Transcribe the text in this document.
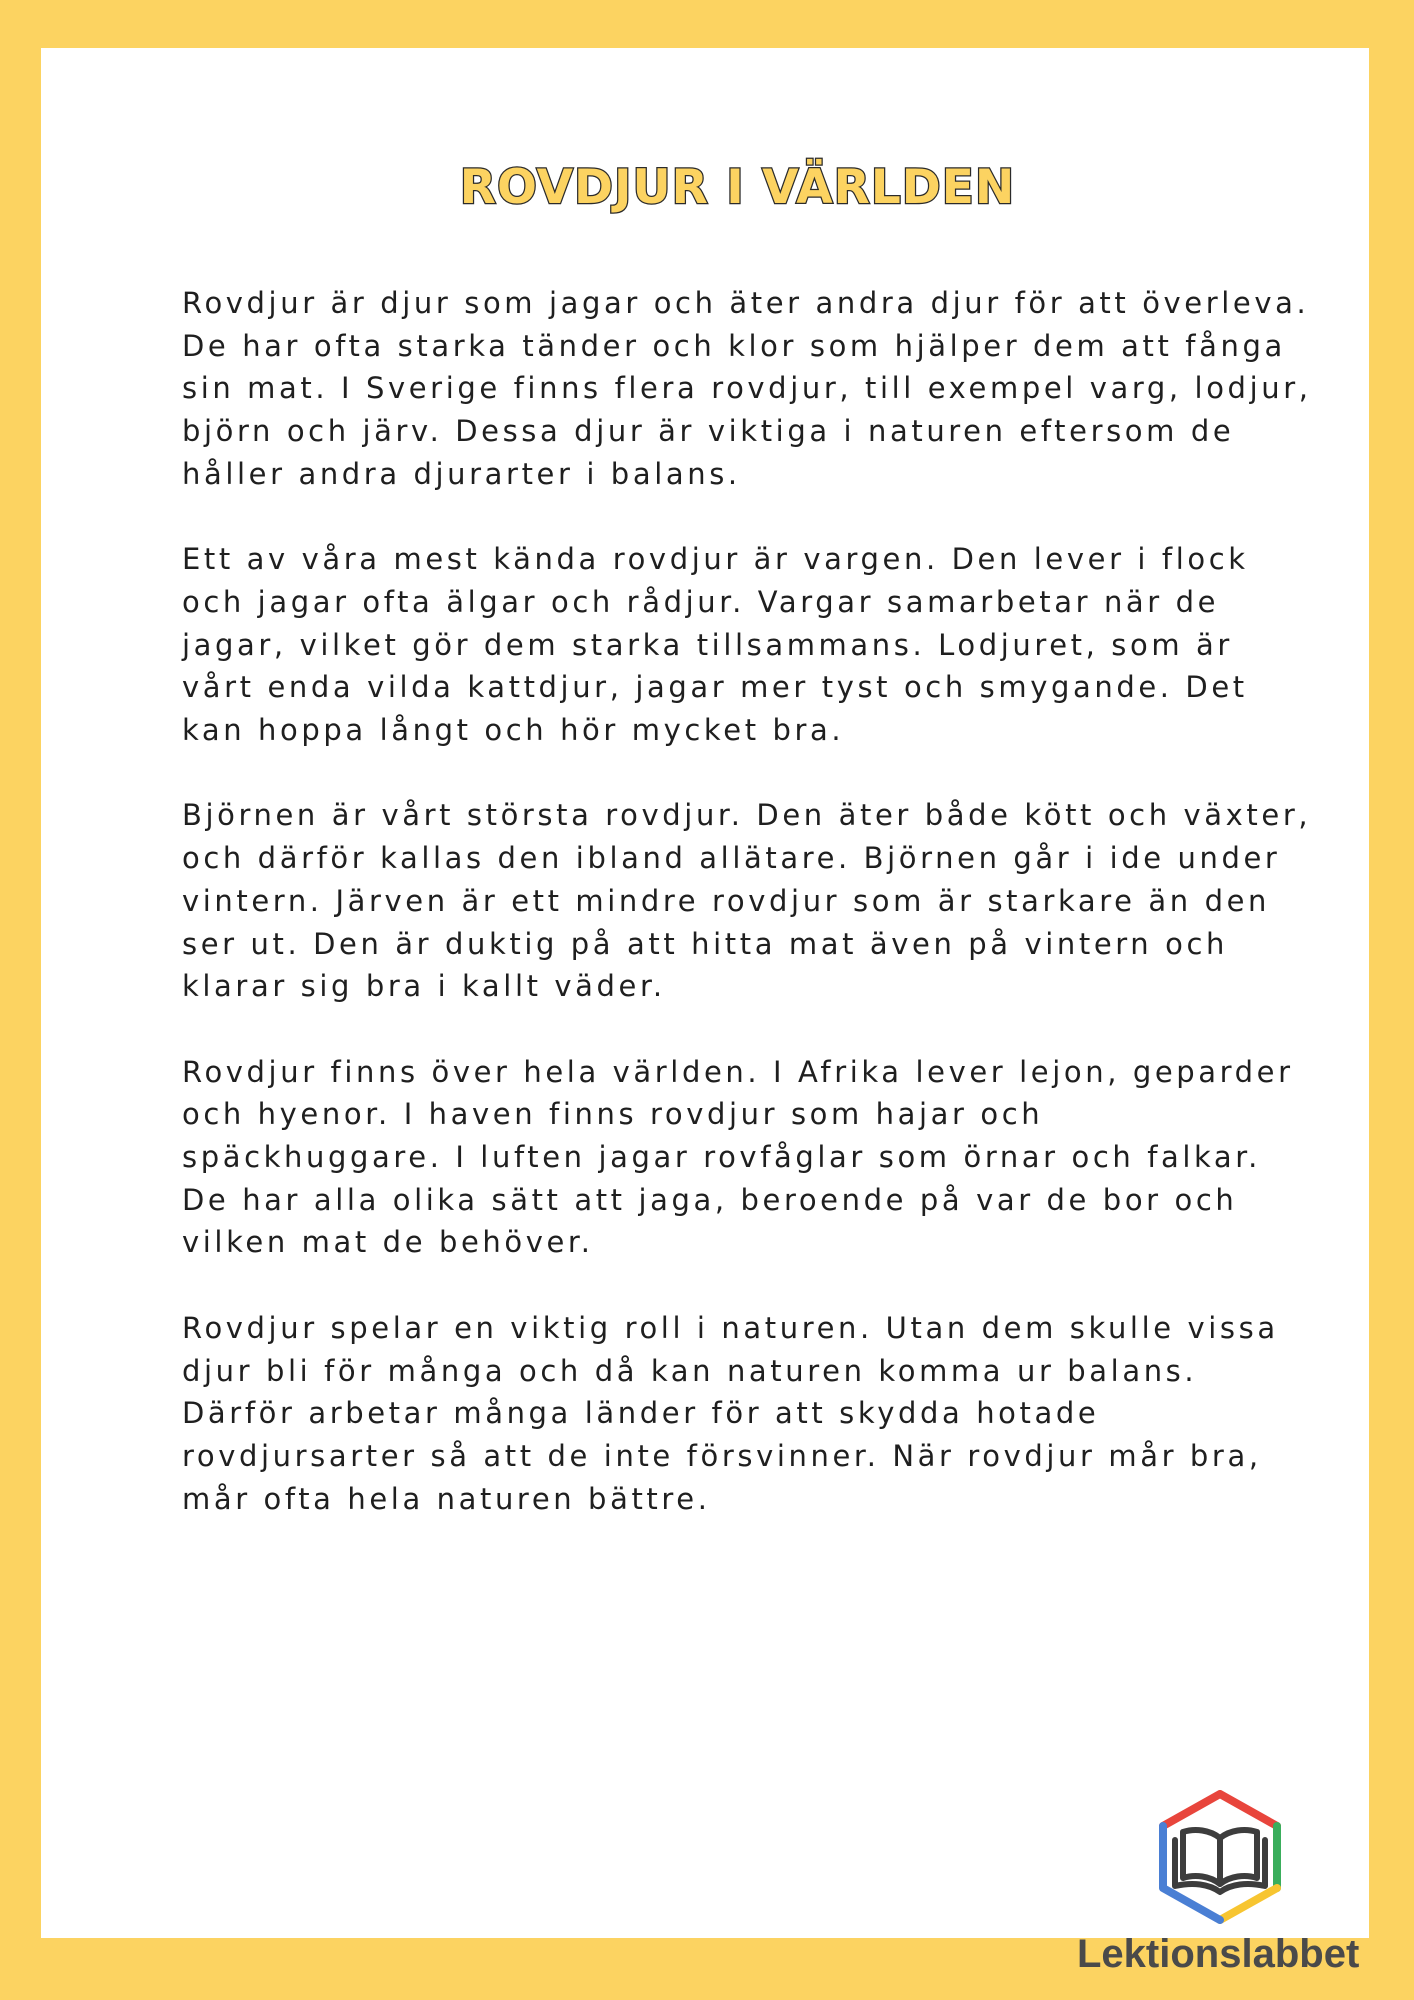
ROVDJUR I VÄRLDEN

Rovdjur är djur som jagar och äter andra djur för att överleva. De har ofta starka tänder och klor som hjälper dem att fånga sin mat. I Sverige finns flera rovdjur, till exempel varg, lodjur, björn och järv. Dessa djur är viktiga i naturen eftersom de håller andra djurarter i balans.

Ett av våra mest kända rovdjur är vargen. Den lever i flock och jagar ofta älgar och rådjur. Vargar samarbetar när de jagar, vilket gör dem starka tillsammans. Lodjuret, som är vårt enda vilda kattdjur, jagar mer tyst och smygande. Det kan hoppa långt och hör mycket bra.

Björnen är vårt största rovdjur. Den äter både kött och växter, och därför kallas den ibland allätare. Björnen går i ide under vintern. Järven är ett mindre rovdjur som är starkare än den ser ut. Den är duktig på att hitta mat även på vintern och klarar sig bra i kallt väder.

Rovdjur finns över hela världen. I Afrika lever lejon, geparder och hyenor. I haven finns rovdjur som hajar och späckhuggare. I luften jagar rovfåglar som örnar och falkar. De har alla olika sätt att jaga, beroende på var de bor och vilken mat de behöver.

Rovdjur spelar en viktig roll i naturen. Utan dem skulle vissa djur bli för många och då kan naturen komma ur balans. Därför arbetar många länder för att skydda hotade rovdjursarter så att de inte försvinner. När rovdjur mår bra, mår ofta hela naturen bättre.

Lektionslabbet
